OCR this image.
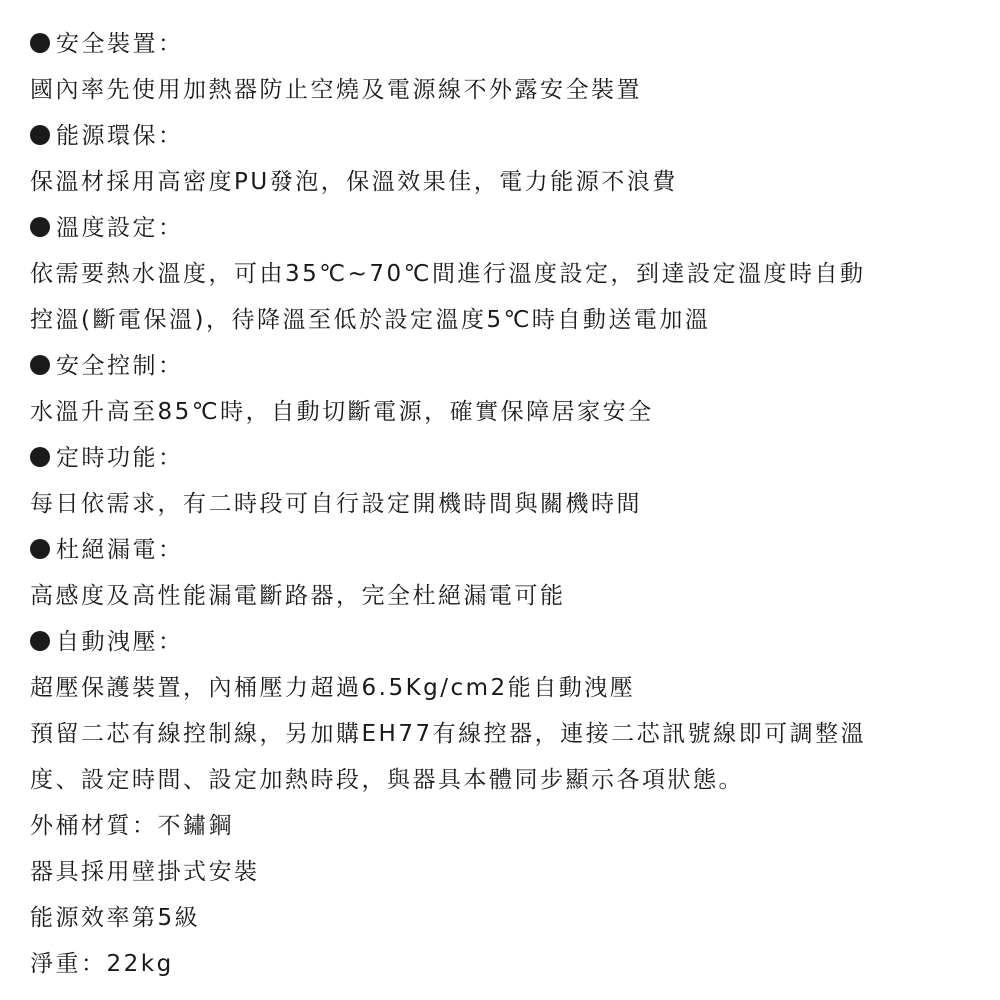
安全裝置：
國內率先使用加熱器防止空燒及電源線不外露安全裝置
能源環保：
保溫材採用高密度PU發泡，保溫效果佳，電力能源不浪費
溫度設定：
依需要熱水溫度，可由35℃~70℃間進行溫度設定，到達設定溫度時自動
控溫(斷電保溫)，待降溫至低於設定溫度5℃時自動送電加溫
安全控制：
水溫升高至85℃時，自動切斷電源，確實保障居家安全
定時功能：
每日依需求，有二時段可自行設定開機時間與關機時間
杜絕漏電：
高感度及高性能漏電斷路器，完全杜絕漏電可能
自動洩壓：
超壓保護裝置，內桶壓力超過6.5Kg/cm2能自動洩壓
預留二芯有線控制線，另加購EH77有線控器，連接二芯訊號線即可調整溫
度、設定時間、設定加熱時段，與器具本體同步顯示各項狀態。
外桶材質：不鏽鋼
器具採用壁掛式安裝
能源效率第5級
淨重：22kg
